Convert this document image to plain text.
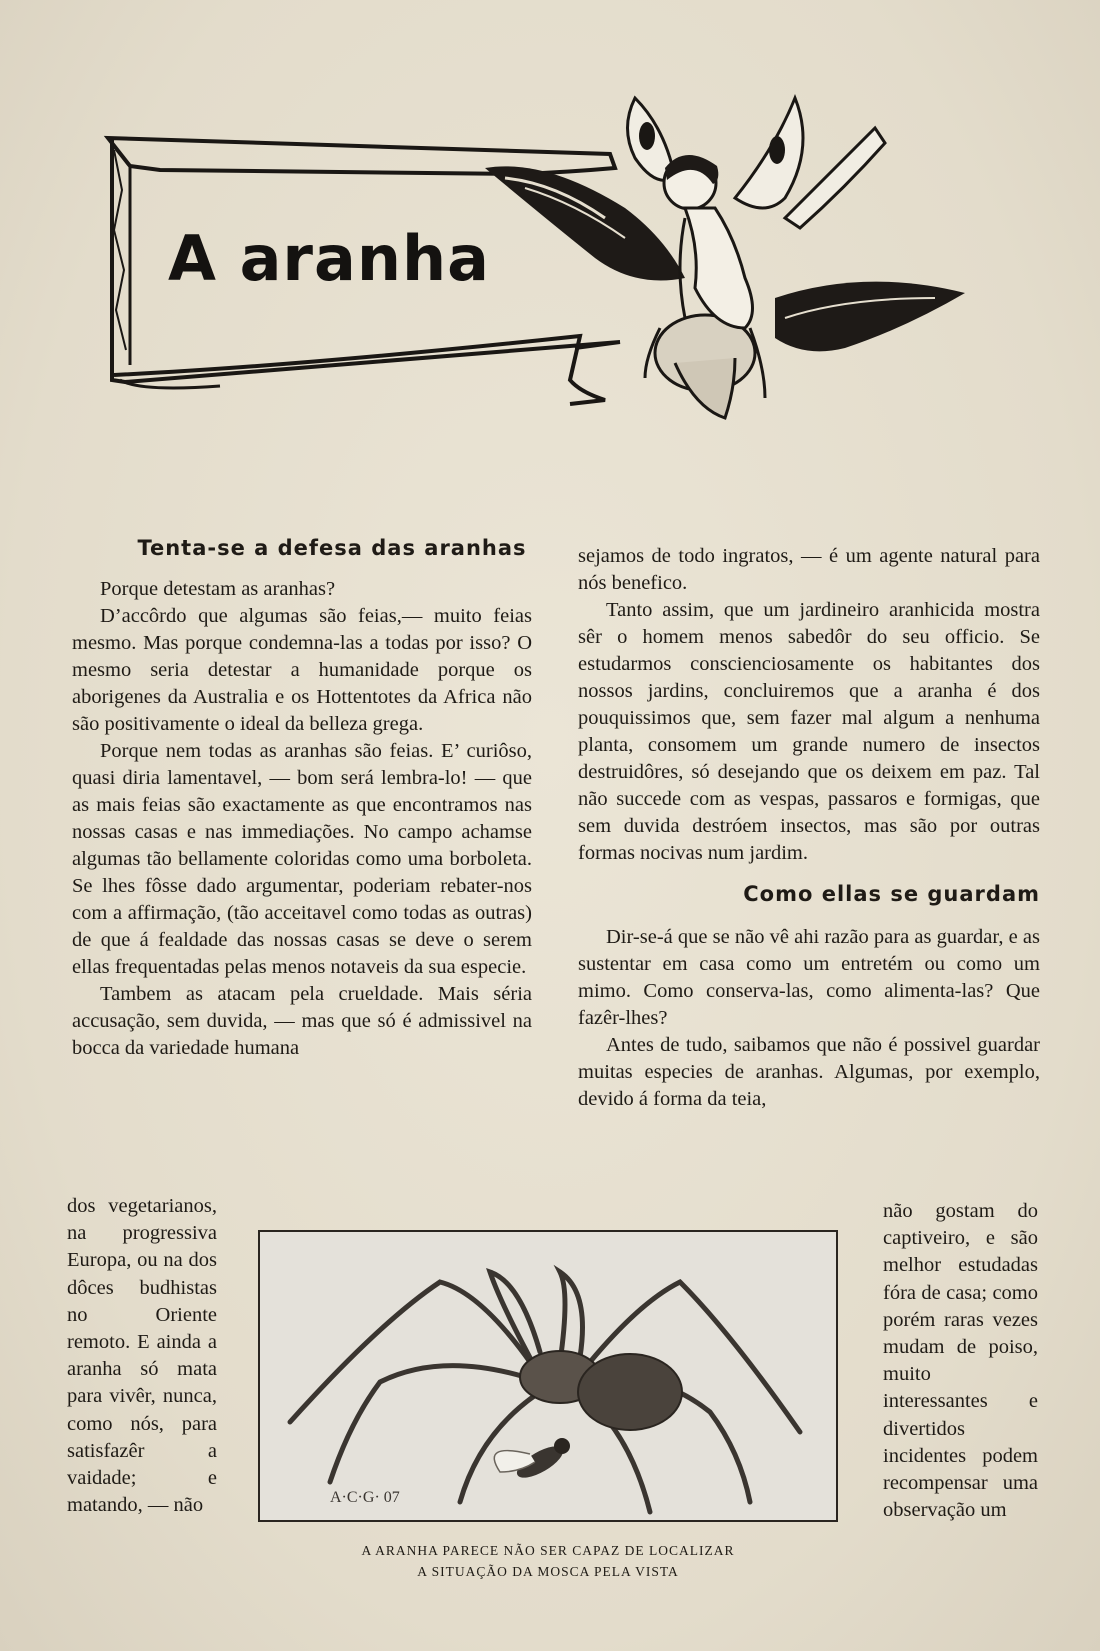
A aranha
Tenta-se a defesa das aranhas

Porque detestam as aranhas?

D’accôrdo que algumas são feias,— muito feias mesmo. Mas porque condemna-las a todas por isso? O mesmo seria detestar a humanidade porque os aborigenes da Australia e os Hottentotes da Africa não são positivamente o ideal da belleza grega.

Porque nem todas as aranhas são feias. E’ curiôso, quasi diria lamentavel, — bom será lembra-lo! — que as mais feias são exactamente as que encontramos nas nossas casas e nas immediações. No campo achamse algumas tão bellamente coloridas como uma borboleta. Se lhes fôsse dado argumentar, poderiam rebater-nos com a affirmação, (tão acceitavel como todas as outras) de que á fealdade das nossas casas se deve o serem ellas frequentadas pelas menos notaveis da sua especie.

Tambem as atacam pela crueldade. Mais séria accusação, sem duvida, — mas que só é admissivel na bocca da variedade humana

sejamos de todo ingratos, — é um agente natural para nós benefico.

Tanto assim, que um jardineiro aranhicida mostra sêr o homem menos sabedôr do seu officio. Se estudarmos conscienciosamente os habitantes dos nossos jardins, concluiremos que a aranha é dos pouquissimos que, sem fazer mal algum a nenhuma planta, consomem um grande numero de insectos destruidôres, só desejando que os deixem em paz. Tal não succede com as vespas, passaros e formigas, que sem duvida destróem insectos, mas são por outras formas nocivas num jardim.

Como ellas se guardam

Dir-se-á que se não vê ahi razão para as guardar, e as sustentar em casa como um entretém ou como um mimo. Como conserva-las, como alimenta-las? Que fazêr-lhes?

Antes de tudo, saibamos que não é possivel guardar muitas especies de aranhas. Algumas, por exemplo, devido á forma da teia,

dos vegetarianos, na progressiva Europa, ou na dos dôces budhistas no Oriente remoto. E ainda a aranha só mata para vivêr, nunca, como nós, para satisfazêr a vaidade; e matando, — não

não gostam do captiveiro, e são melhor estudadas fóra de casa; como porém raras vezes mudam de poiso, muito interessantes e divertidos incidentes podem recompensar uma observação um

A·C·G· 07
A ARANHA PARECE NÃO SER CAPAZ DE LOCALIZAR
A SITUAÇÃO DA MOSCA PELA VISTA
